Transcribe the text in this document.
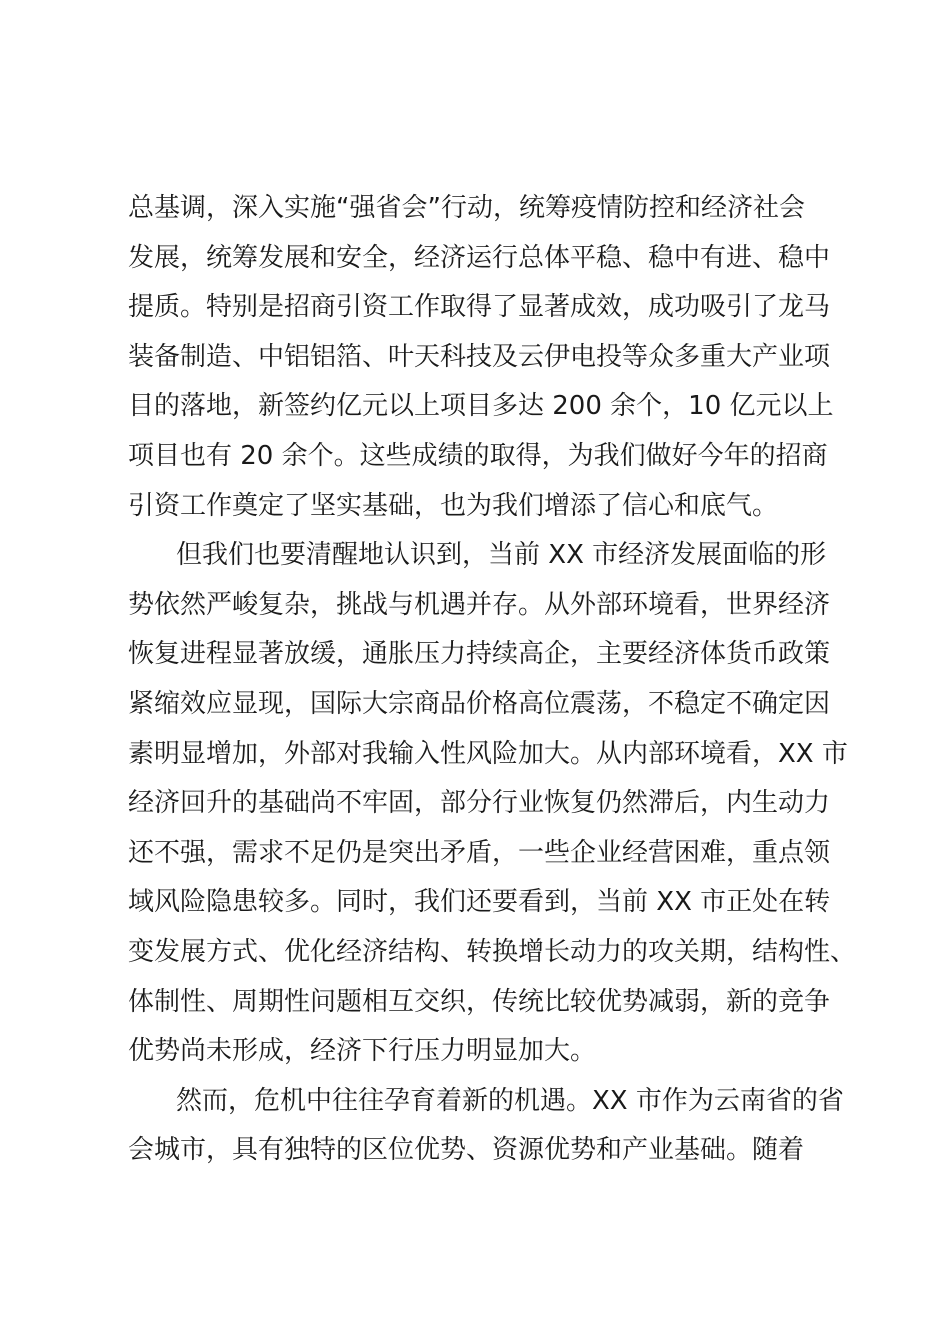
总基调，深入实施“强省会”行动，统筹疫情防控和经济社会
发展，统筹发展和安全，经济运行总体平稳、稳中有进、稳中
提质。特别是招商引资工作取得了显著成效，成功吸引了龙马
装备制造、中铝铝箔、叶天科技及云伊电投等众多重大产业项
目的落地，新签约亿元以上项目多达 200 余个，10 亿元以上
项目也有 20 余个。这些成绩的取得，为我们做好今年的招商
引资工作奠定了坚实基础，也为我们增添了信心和底气。
但我们也要清醒地认识到，当前 XX 市经济发展面临的形
势依然严峻复杂，挑战与机遇并存。从外部环境看，世界经济
恢复进程显著放缓，通胀压力持续高企，主要经济体货币政策
紧缩效应显现，国际大宗商品价格高位震荡，不稳定不确定因
素明显增加，外部对我输入性风险加大。从内部环境看，XX 市
经济回升的基础尚不牢固，部分行业恢复仍然滞后，内生动力
还不强，需求不足仍是突出矛盾，一些企业经营困难，重点领
域风险隐患较多。同时，我们还要看到，当前 XX 市正处在转
变发展方式、优化经济结构、转换增长动力的攻关期，结构性、
体制性、周期性问题相互交织，传统比较优势减弱，新的竞争
优势尚未形成，经济下行压力明显加大。
然而，危机中往往孕育着新的机遇。XX 市作为云南省的省
会城市，具有独特的区位优势、资源优势和产业基础。随着
